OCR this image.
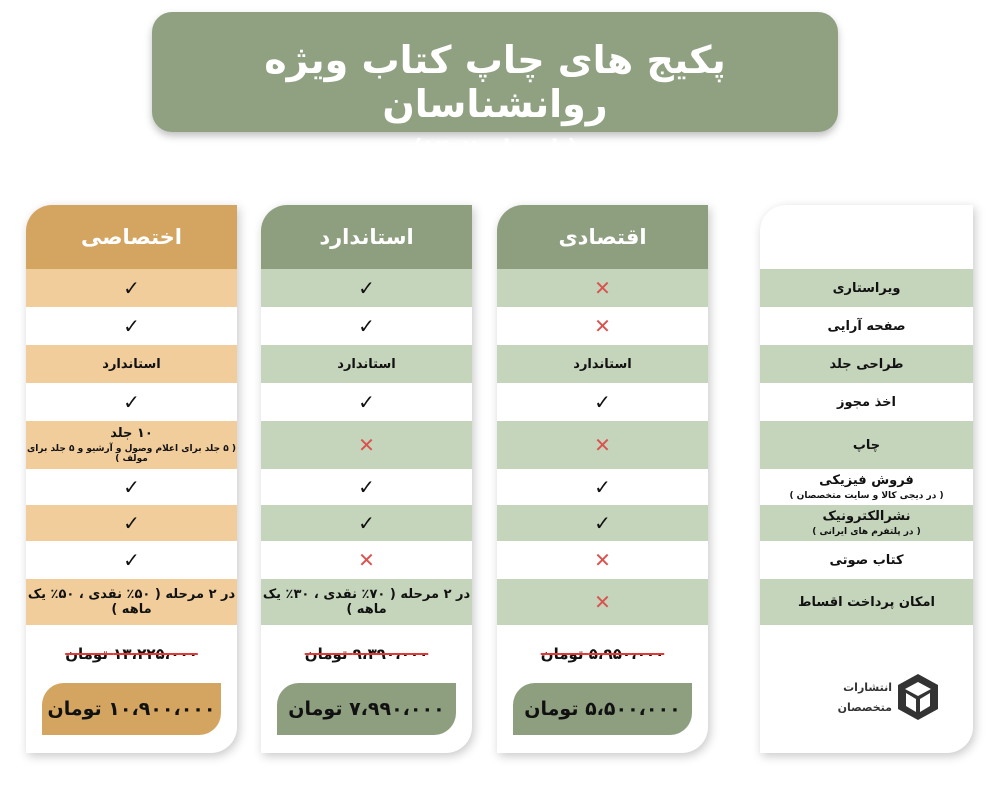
پکیج های چاپ کتاب ویژه روانشناسان
(تابستان ۱۴۰۲)
اختصاصی
✓
✓
استاندارد
✓
۱۰ جلد
( ۵ جلد برای اعلام وصول و آرشیو و ۵ جلد برای مولف )
✓
✓
✓
در ۲ مرحله ( ۵۰٪ نقدی ، ۵۰٪ یک ماهه )
۱۳،۲۲۵،۰۰۰ تومان
۱۰،۹۰۰،۰۰۰ تومان
استاندارد
✓
✓
استاندارد
✓
✕
✓
✓
✕
در ۲ مرحله ( ۷۰٪ نقدی ، ۳۰٪ یک ماهه )
۹،۳۹۰،۰۰۰ تومان
۷،۹۹۰،۰۰۰ تومان
اقتصادی
✕
✕
استاندارد
✓
✕
✓
✓
✕
✕
۵،۹۵۰،۰۰۰ تومان
۵،۵۰۰،۰۰۰ تومان
ویراستاری
صفحه آرایی
طراحی جلد
اخذ مجوز
چاپ
فروش فیزیکی
( در دیجی کالا و سایت متخصصان )
نشرالکترونیک
( در پلتفرم های ایرانی )
کتاب صوتی
امکان پرداخت اقساط
انتشارات
متخصصان
